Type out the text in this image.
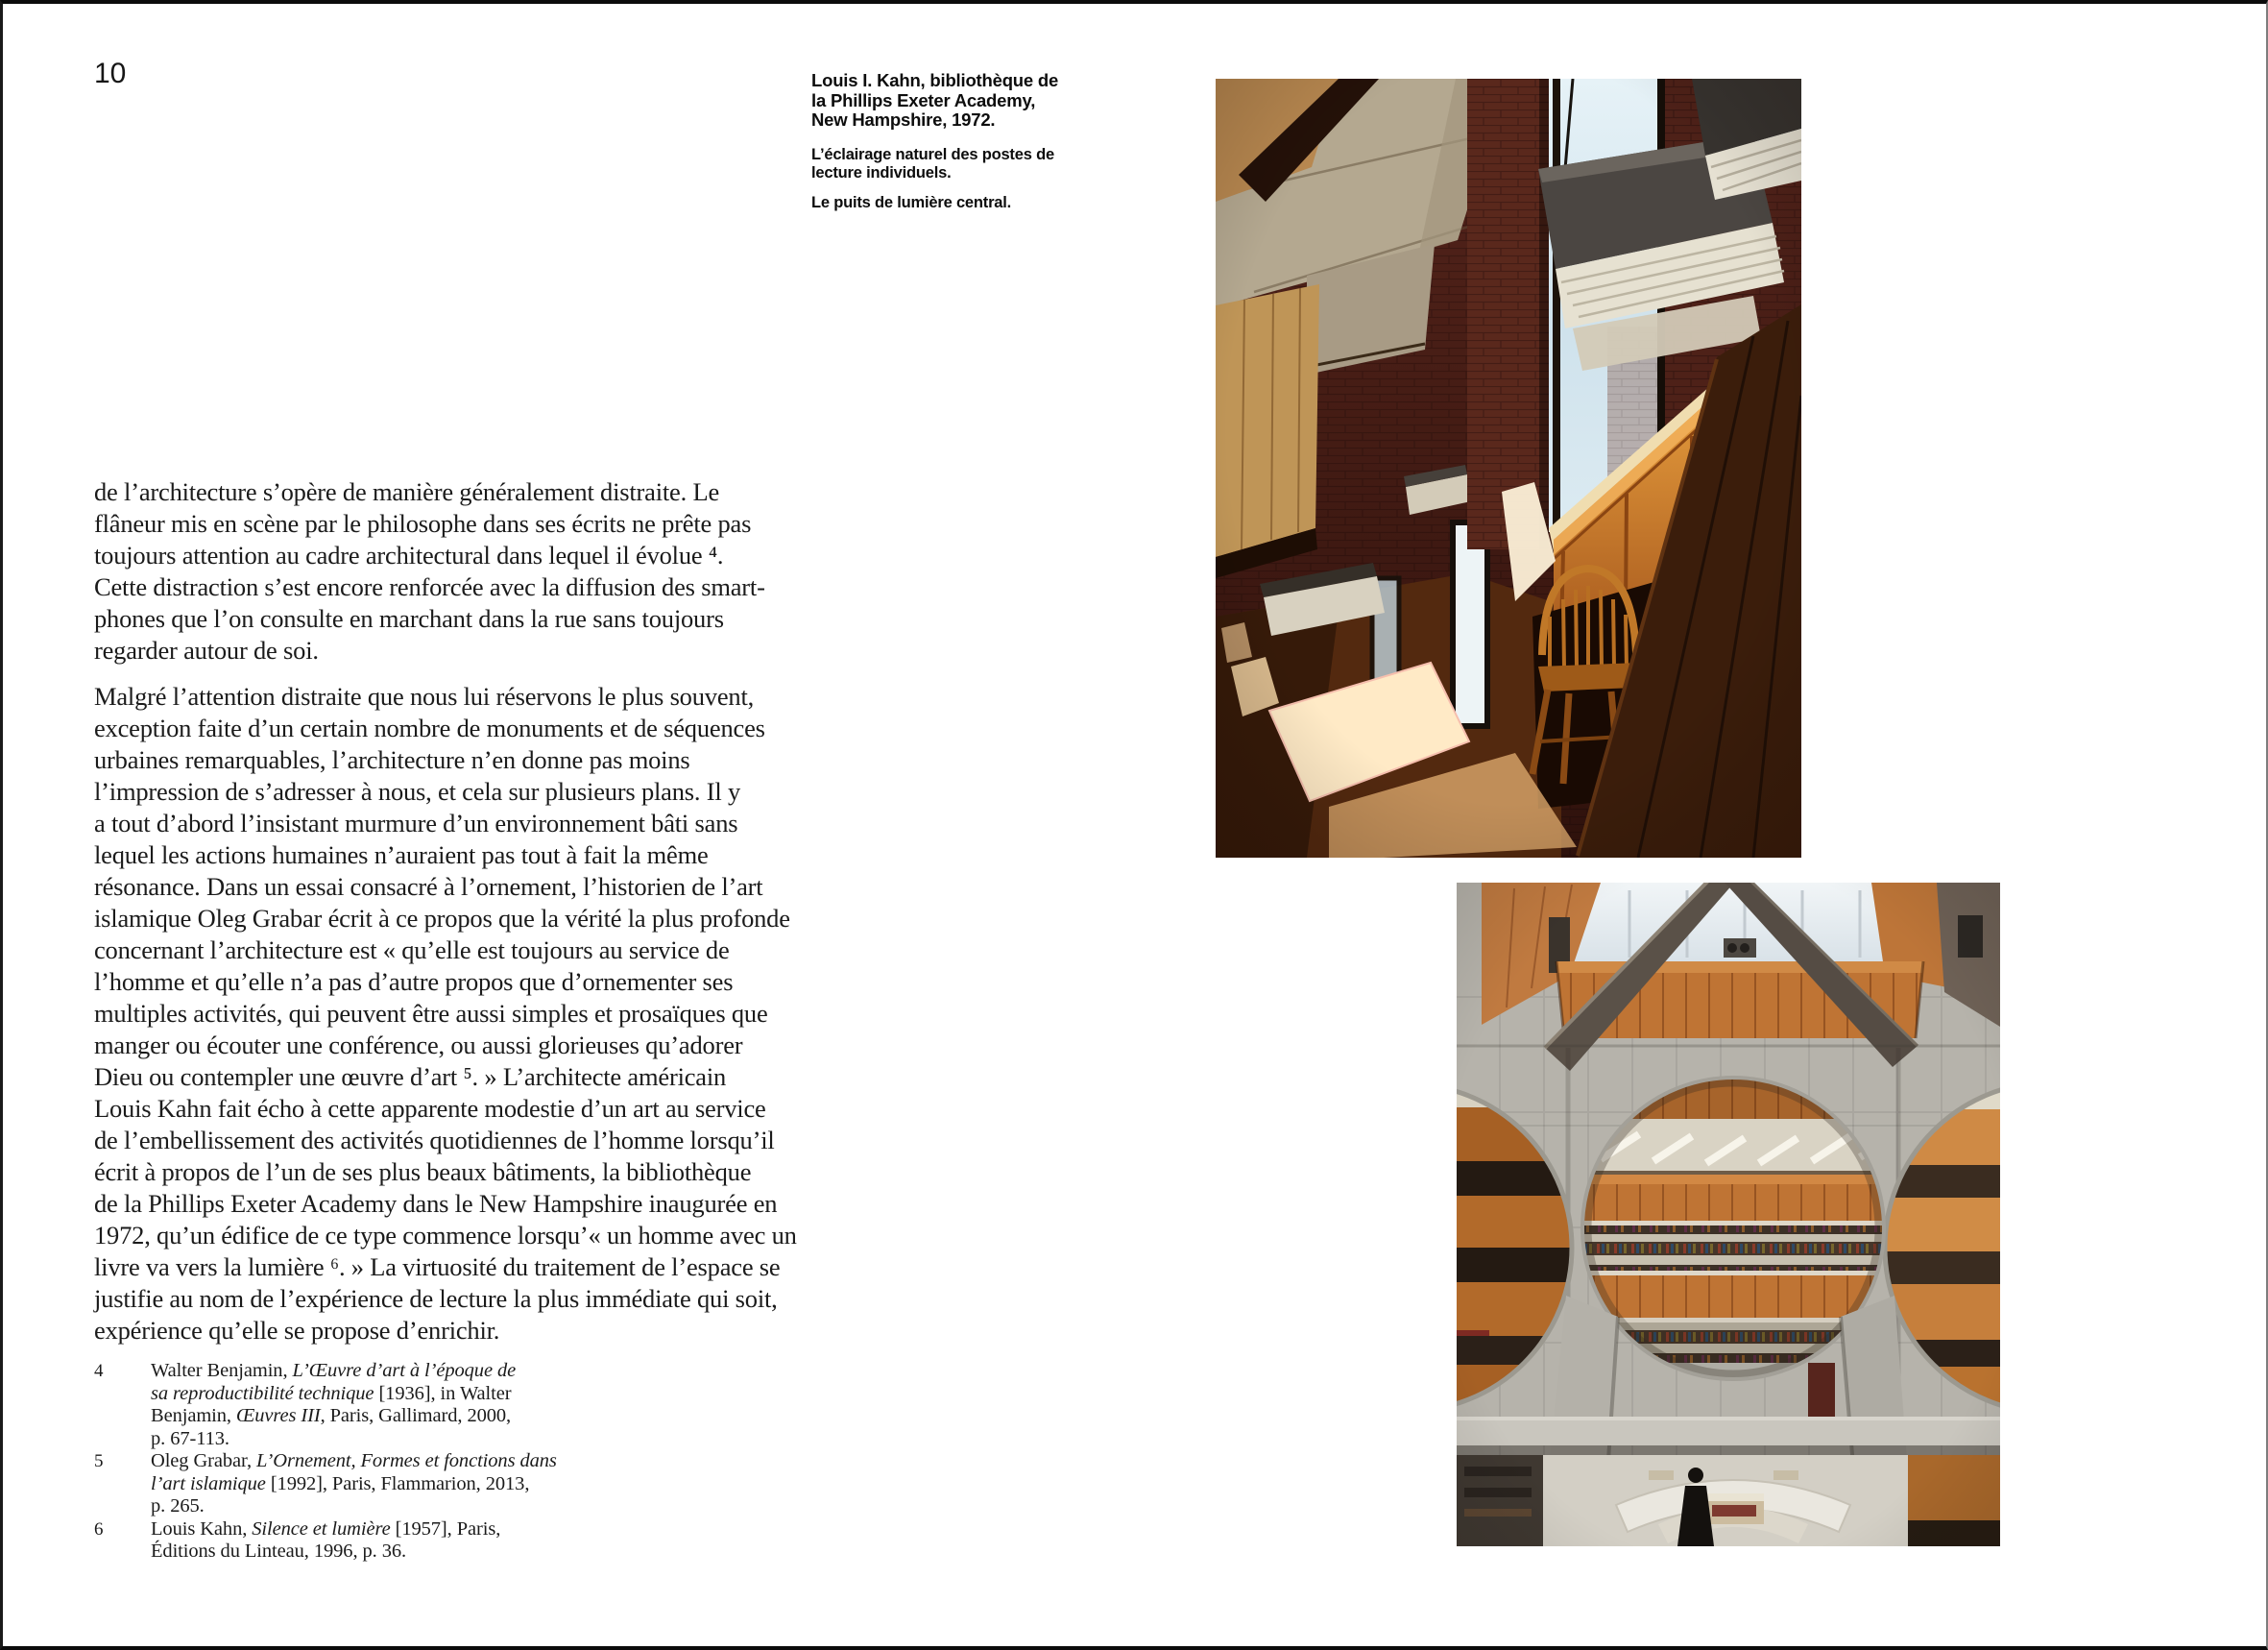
10	Louis I. Kahn, bibliothèque de
la Phillips Exeter Academy,
New Hampshire, 1972.
L’éclairage naturel des postes de
lecture individuels.
Le puits de lumière central.
de l’architecture s’opère de manière généralement distraite. Le
flâneur mis en scène par le philosophe dans ses écrits ne prête pas
toujours attention au cadre architectural dans lequel il évolue ⁴.
Cette distraction s’est encore renforcée avec la diffusion des smart-
phones que l’on consulte en marchant dans la rue sans toujours
regarder autour de soi.
Malgré l’attention distraite que nous lui réservons le plus souvent,
exception faite d’un certain nombre de monuments et de séquences
urbaines remarquables, l’architecture n’en donne pas moins
l’impression de s’adresser à nous, et cela sur plusieurs plans. Il y
a tout d’abord l’insistant murmure d’un environnement bâti sans
lequel les actions humaines n’auraient pas tout à fait la même
résonance. Dans un essai consacré à l’ornement, l’historien de l’art
islamique Oleg Grabar écrit à ce propos que la vérité la plus profonde
concernant l’architecture est « qu’elle est toujours au service de
l’homme et qu’elle n’a pas d’autre propos que d’ornementer ses
multiples activités, qui peuvent être aussi simples et prosaïques que
manger ou écouter une conférence, ou aussi glorieuses qu’adorer
Dieu ou contempler une œuvre d’art ⁵. » L’architecte américain
Louis Kahn fait écho à cette apparente modestie d’un art au service
de l’embellissement des activités quotidiennes de l’homme lorsqu’il
écrit à propos de l’un de ses plus beaux bâtiments, la bibliothèque
de la Phillips Exeter Academy dans le New Hampshire inaugurée en
1972, qu’un édifice de ce type commence lorsqu’« un homme avec un
livre va vers la lumière ⁶. » La virtuosité du traitement de l’espace se
justifie au nom de l’expérience de lecture la plus immédiate qui soit,
expérience qu’elle se propose d’enrichir.
4	Walter Benjamin, L’Œuvre d’art à l’époque de
sa reproductibilité technique [1936], in Walter
Benjamin, Œuvres III, Paris, Gallimard, 2000,
p. 67-113.
5	Oleg Grabar, L’Ornement, Formes et fonctions dans
l’art islamique [1992], Paris, Flammarion, 2013,
p. 265.
6	Louis Kahn, Silence et lumière [1957], Paris,
Éditions du Linteau, 1996, p. 36.
